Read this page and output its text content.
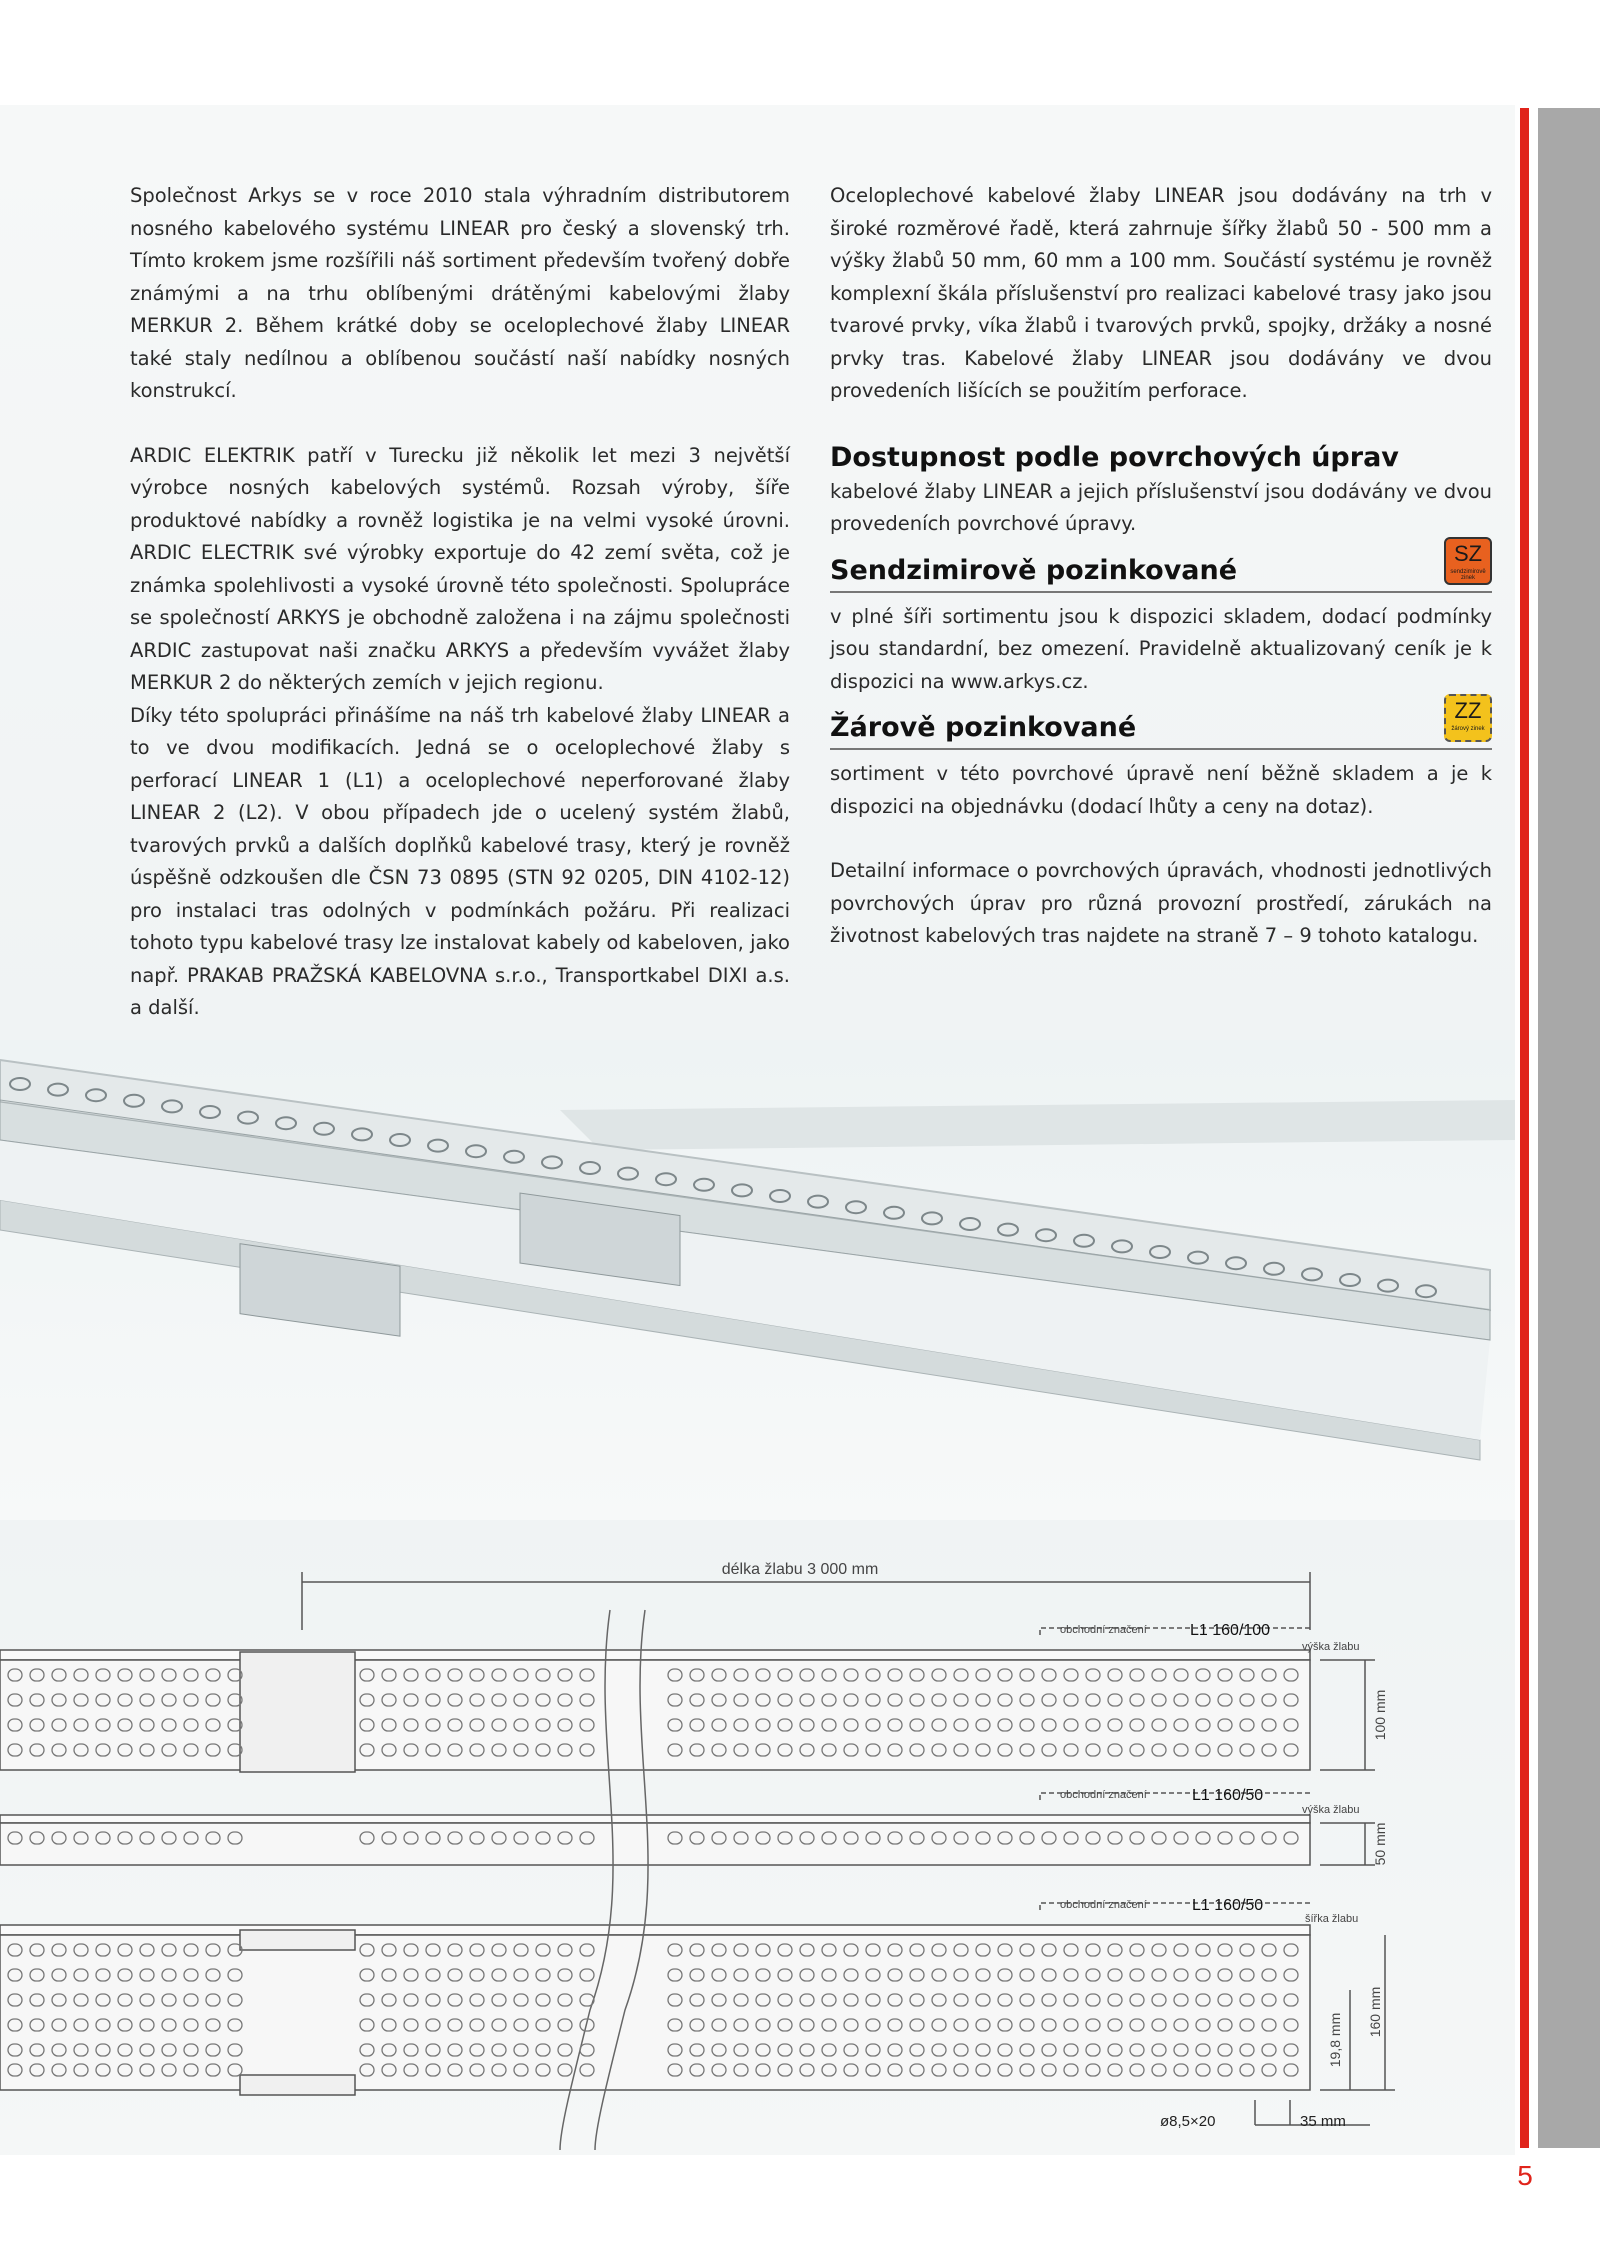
5

Společnost Arkys se v roce 2010 stala výhradním distributorem nosného kabelového systému LINEAR pro český a slovenský trh. Tímto krokem jsme rozšířili náš sortiment především tvořený dobře známými a na trhu oblíbenými drátěnými kabelovými žlaby MERKUR 2. Během krátké doby se oceloplechové žlaby LINEAR také staly nedílnou a oblíbenou součástí naší nabídky nosných konstrukcí.

ARDIC ELEKTRIK patří v Turecku již několik let mezi 3 největší výrobce nosných kabelových systémů. Rozsah výroby, šíře produktové nabídky a rovněž logistika je na velmi vysoké úrovni. ARDIC ELECTRIK své výrobky exportuje do 42 zemí světa, což je známka spolehlivosti a vysoké úrovně této společnosti. Spolupráce se společností ARKYS je obchodně založena i na zájmu společnosti ARDIC zastupovat naši značku ARKYS a především vyvážet žlaby MERKUR 2 do některých zemích v jejich regionu.

Díky této spolupráci přinášíme na náš trh kabelové žlaby LINEAR a to ve dvou modifikacích. Jedná se o oceloplechové žlaby s perforací LINEAR 1 (L1) a oceloplechové neperforované žlaby LINEAR 2 (L2). V obou případech jde o ucelený systém žlabů, tvarových prvků a dalších doplňků kabelové trasy, který je rovněž úspěšně odzkoušen dle ČSN 73 0895 (STN 92 0205, DIN 4102-12) pro instalaci tras odolných v podmínkách požáru. Při realizaci tohoto typu kabelové trasy lze instalovat kabely od kabeloven, jako např. PRAKAB PRAŽSKÁ KABELOVNA s.r.o., Transportkabel DIXI a.s. a další.

Oceloplechové kabelové žlaby LINEAR jsou dodávány na trh v široké rozměrové řadě, která zahrnuje šířky žlabů 50 - 500 mm a výšky žlabů 50 mm, 60 mm a 100 mm. Součástí systému je rovněž komplexní škála příslušenství pro realizaci kabelové trasy jako jsou tvarové prvky, víka žlabů i tvarových prvků, spojky, držáky a nosné prvky tras. Kabelové žlaby LINEAR jsou dodávány ve dvou provedeních lišících se použitím perforace.

Dostupnost podle povrchových úprav

kabelové žlaby LINEAR a jejich příslušenství jsou dodávány ve dvou provedeních povrchové úpravy.

Sendzimirově pozinkované
SZ
sendzimirově zinek

v plné šíři sortimentu jsou k dispozici skladem, dodací podmínky jsou standardní, bez omezení. Pravidelně aktualizovaný ceník je k dispozici na www.arkys.cz.

Žárově pozinkované
ZZ
žárový zinek

sortiment v této povrchové úpravě není běžně skladem a je k dispozici na objednávku (dodací lhůty a ceny na dotaz).

Detailní informace o povrchových úpravách, vhodnosti jednotlivých povrchových úprav pro různá provozní prostředí, zárukách na životnost kabelových tras najdete na straně 7 – 9 tohoto katalogu.

délka žlabu 3 000 mm
obchodní značení	L1 160/100
výška žlabu
obchodní značení	L1 160/50
výška žlabu
obchodní značení	L1 160/50
šířka žlabu
ø8,5×20	35 mm
100 mm
50 mm
19,8 mm
160 mm
